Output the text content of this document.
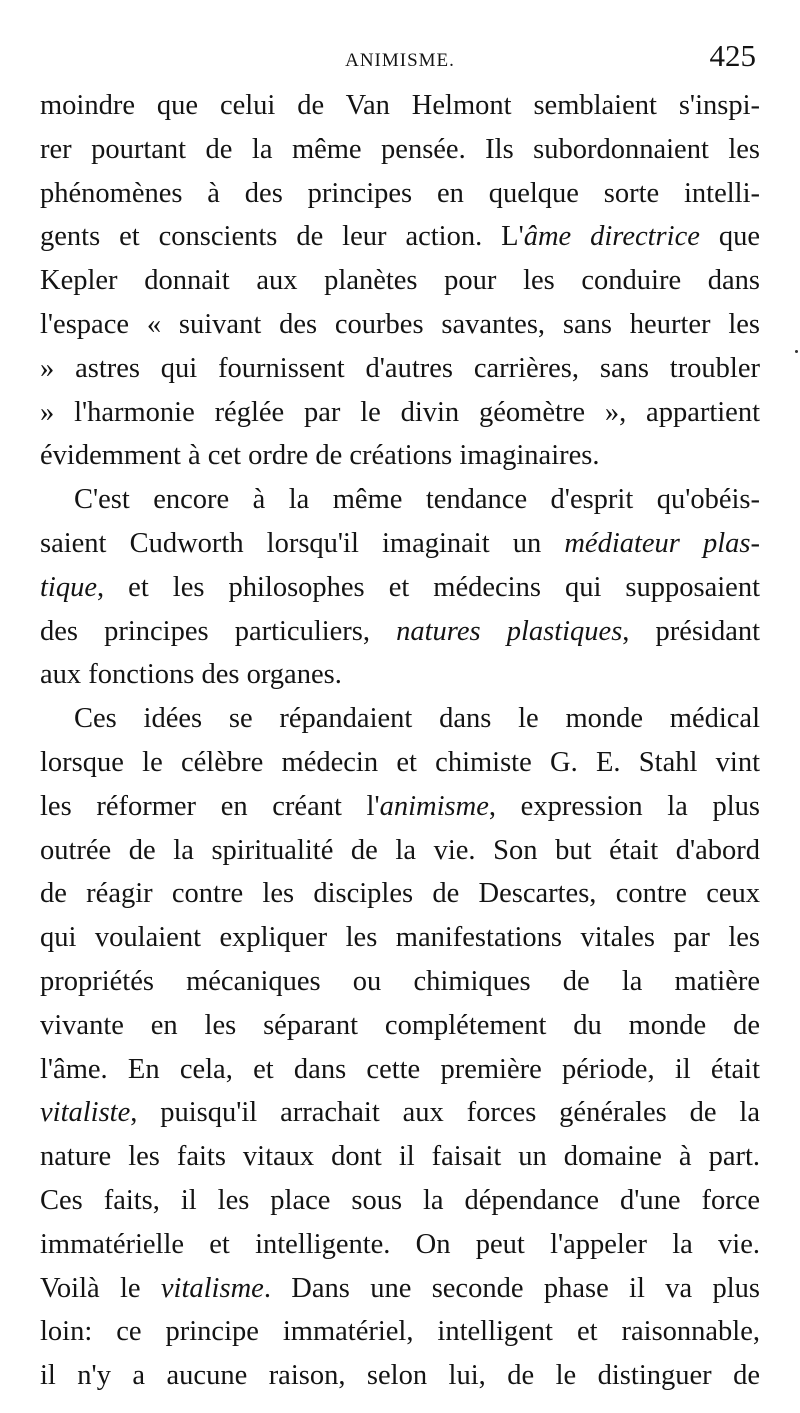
ANIMISME.	425
moindre que celui de Van Helmont semblaient s'inspi-
rer pourtant de la même pensée. Ils subordonnaient les
phénomènes à des principes en quelque sorte intelli-
gents et conscients de leur action. L'âme directrice que
Kepler donnait aux planètes pour les conduire dans
l'espace « suivant des courbes savantes, sans heurter les
» astres qui fournissent d'autres carrières, sans troubler
» l'harmonie réglée par le divin géomètre », appartient
évidemment à cet ordre de créations imaginaires.
C'est encore à la même tendance d'esprit qu'obéis-
saient Cudworth lorsqu'il imaginait un médiateur plas-
tique, et les philosophes et médecins qui supposaient
des principes particuliers, natures plastiques, présidant
aux fonctions des organes.
Ces idées se répandaient dans le monde médical
lorsque le célèbre médecin et chimiste G. E. Stahl vint
les réformer en créant l'animisme, expression la plus
outrée de la spiritualité de la vie. Son but était d'abord
de réagir contre les disciples de Descartes, contre ceux
qui voulaient expliquer les manifestations vitales par les
propriétés mécaniques ou chimiques de la matière
vivante en les séparant complétement du monde de
l'âme. En cela, et dans cette première période, il était
vitaliste, puisqu'il arrachait aux forces générales de la
nature les faits vitaux dont il faisait un domaine à part.
Ces faits, il les place sous la dépendance d'une force
immatérielle et intelligente. On peut l'appeler la vie.
Voilà le vitalisme. Dans une seconde phase il va plus
loin: ce principe immatériel, intelligent et raisonnable,
il n'y a aucune raison, selon lui, de le distinguer de
